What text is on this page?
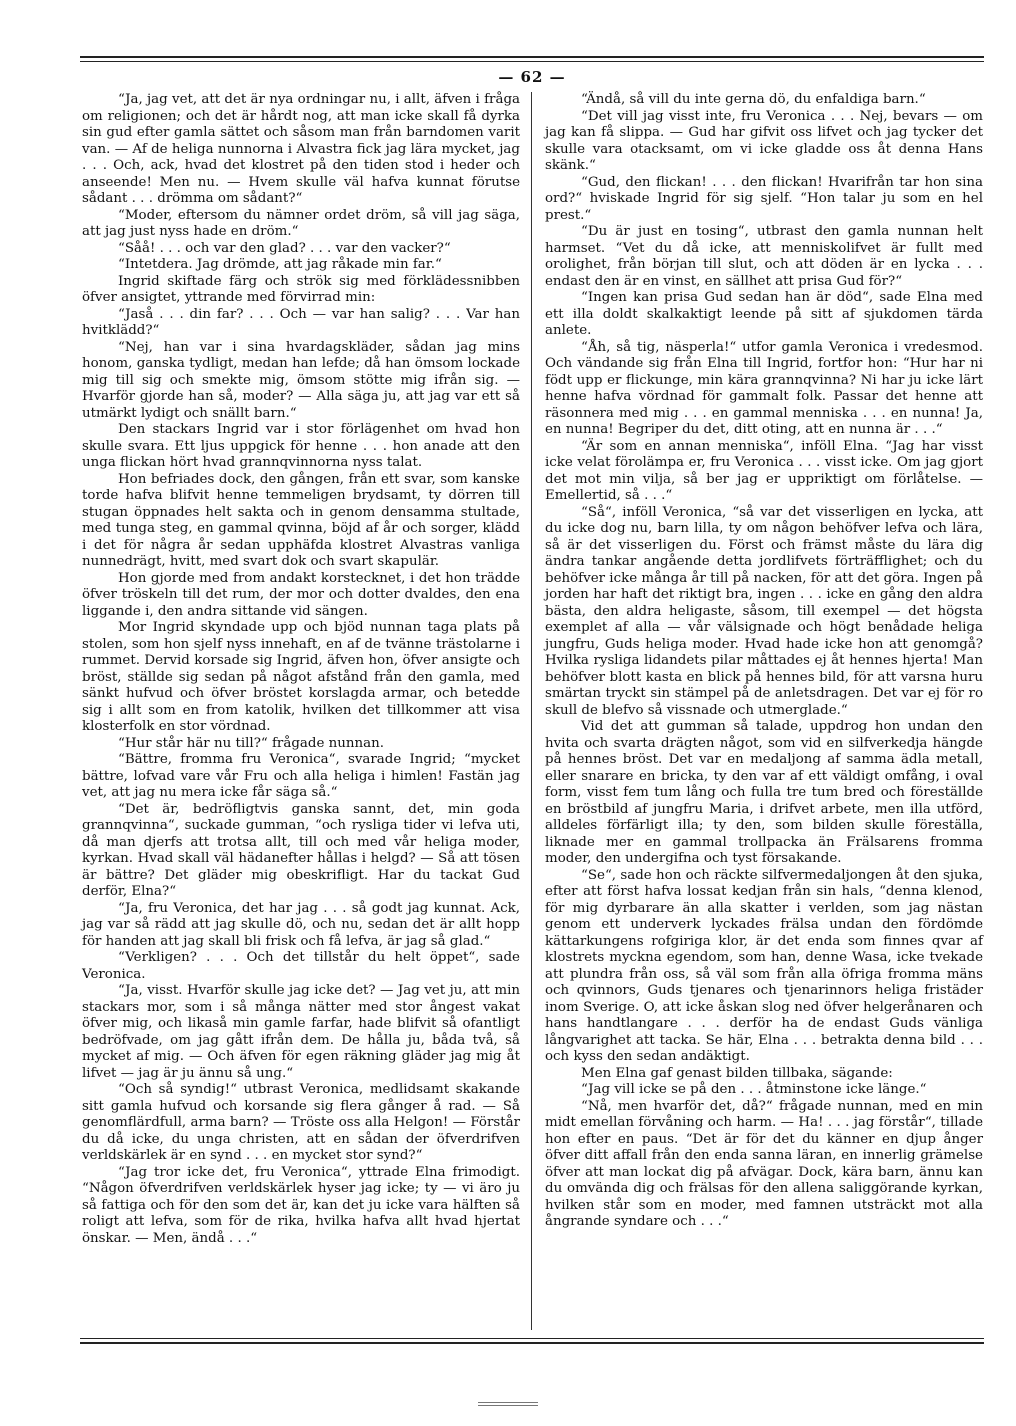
— 62 —

“Ja, jag vet, att det är nya ordningar nu, i allt, äfven i fråga om religionen; och det är hårdt nog, att man icke skall få dyrka sin gud efter gamla sättet och såsom man från barndomen varit van. — Af de heliga nunnorna i Alvastra fick jag lära mycket, jag . . . Och, ack, hvad det klostret på den tiden stod i heder och anseende! Men nu. — Hvem skulle väl hafva kunnat förutse sådant . . . drömma om sådant?“

“Moder, eftersom du nämner ordet dröm, så vill jag säga, att jag just nyss hade en dröm.“

“Såå! . . . och var den glad? . . . var den vacker?“

“Intetdera. Jag drömde, att jag råkade min far.“

Ingrid skiftade färg och strök sig med förklädessnibben öfver ansigtet, yttrande med förvirrad min:

“Jaså . . . din far? . . . Och — var han salig? . . . Var han hvitklädd?“

“Nej, han var i sina hvardagskläder, sådan jag mins honom, ganska tydligt, medan han lefde; då han ömsom lockade mig till sig och smekte mig, ömsom stötte mig ifrån sig. — Hvarför gjorde han så, moder? — Alla säga ju, att jag var ett så utmärkt lydigt och snällt barn.“

Den stackars Ingrid var i stor förlägenhet om hvad hon skulle svara. Ett ljus uppgick för henne . . . hon anade att den unga flickan hört hvad grannqvinnorna nyss talat.

Hon befriades dock, den gången, från ett svar, som kanske torde hafva blifvit henne temmeligen brydsamt, ty dörren till stugan öppnades helt sakta och in genom densamma stultade, med tunga steg, en gammal qvinna, böjd af år och sorger, klädd i det för några år sedan upphäfda klostret Alvastras vanliga nunnedrägt, hvitt, med svart dok och svart skapulär.

Hon gjorde med from andakt korstecknet, i det hon trädde öfver tröskeln till det rum, der mor och dotter dvaldes, den ena liggande i, den andra sittande vid sängen.

Mor Ingrid skyndade upp och bjöd nunnan taga plats på stolen, som hon sjelf nyss innehaft, en af de tvänne trästolarne i rummet. Dervid korsade sig Ingrid, äfven hon, öfver ansigte och bröst, ställde sig sedan på något afstånd från den gamla, med sänkt hufvud och öfver bröstet korslagda armar, och betedde sig i allt som en from katolik, hvilken det tillkommer att visa klosterfolk en stor vördnad.

“Hur står här nu till?“ frågade nunnan.

“Bättre, fromma fru Veronica“, svarade Ingrid; “mycket bättre, lofvad vare vår Fru och alla heliga i himlen! Fastän jag vet, att jag nu mera icke får säga så.“

“Det är, bedröfligtvis ganska sannt, det, min goda grannqvinna“, suckade gumman, “och rysliga tider vi lefva uti, då man djerfs att trotsa allt, till och med vår heliga moder, kyrkan. Hvad skall väl hädanefter hållas i helgd? — Så att tösen är bättre? Det gläder mig obeskrifligt. Har du tackat Gud derför, Elna?“

“Ja, fru Veronica, det har jag . . . så godt jag kunnat. Ack, jag var så rädd att jag skulle dö, och nu, sedan det är allt hopp för handen att jag skall bli frisk och få lefva, är jag så glad.“

“Verkligen? . . . Och det tillstår du helt öppet“, sade Veronica.

“Ja, visst. Hvarför skulle jag icke det? — Jag vet ju, att min stackars mor, som i så många nätter med stor ångest vakat öfver mig, och likaså min gamle farfar, hade blifvit så ofantligt bedröfvade, om jag gått ifrån dem. De hålla ju, båda två, så mycket af mig. — Och äfven för egen räkning gläder jag mig åt lifvet — jag är ju ännu så ung.“

“Och så syndig!“ utbrast Veronica, medlidsamt skakande sitt gamla hufvud och korsande sig flera gånger å rad. — Så genomflärdfull, arma barn? — Tröste oss alla Helgon! — Förstår du då icke, du unga christen, att en sådan der öfverdrifven verldskärlek är en synd . . . en mycket stor synd?“

“Jag tror icke det, fru Veronica“, yttrade Elna frimodigt. “Någon öfverdrifven verldskärlek hyser jag icke; ty — vi äro ju så fattiga och för den som det är, kan det ju icke vara hälften så roligt att lefva, som för de rika, hvilka hafva allt hvad hjertat önskar. — Men, ändå . . .“

“Ändå, så vill du inte gerna dö, du enfaldiga barn.“

“Det vill jag visst inte, fru Veronica . . . Nej, bevars — om jag kan få slippa. — Gud har gifvit oss lifvet och jag tycker det skulle vara otacksamt, om vi icke gladde oss åt denna Hans skänk.“

“Gud, den flickan! . . . den flickan! Hvarifrån tar hon sina ord?“ hviskade Ingrid för sig sjelf. “Hon talar ju som en hel prest.“

“Du är just en tosing“, utbrast den gamla nunnan helt harmset. “Vet du då icke, att menniskolifvet är fullt med orolighet, från början till slut, och att döden är en lycka . . . endast den är en vinst, en sällhet att prisa Gud för?“

“Ingen kan prisa Gud sedan han är död“, sade Elna med ett illa doldt skalkaktigt leende på sitt af sjukdomen tärda anlete.

“Åh, så tig, näsperla!“ utfor gamla Veronica i vredesmod. Och vändande sig från Elna till Ingrid, fortfor hon: “Hur har ni födt upp er flickunge, min kära grannqvinna? Ni har ju icke lärt henne hafva vördnad för gammalt folk. Passar det henne att räsonnera med mig . . . en gammal menniska . . . en nunna! Ja, en nunna! Begriper du det, ditt oting, att en nunna är . . .“

“Är som en annan menniska“, inföll Elna. “Jag har visst icke velat förolämpa er, fru Veronica . . . visst icke. Om jag gjort det mot min vilja, så ber jag er uppriktigt om förlåtelse. — Emellertid, så . . .“

“Så“, inföll Veronica, “så var det visserligen en lycka, att du icke dog nu, barn lilla, ty om någon behöfver lefva och lära, så är det visserligen du. Först och främst måste du lära dig ändra tankar angående detta jordlifvets förträfflighet; och du behöfver icke många år till på nacken, för att det göra. Ingen på jorden har haft det riktigt bra, ingen . . . icke en gång den aldra bästa, den aldra heligaste, såsom, till exempel — det högsta exemplet af alla — vår välsignade och högt benådade heliga jungfru, Guds heliga moder. Hvad hade icke hon att genomgå? Hvilka rysliga lidandets pilar måttades ej åt hennes hjerta! Man behöfver blott kasta en blick på hennes bild, för att varsna huru smärtan tryckt sin stämpel på de anletsdragen. Det var ej för ro skull de blefvo så vissnade och utmerglade.“

Vid det att gumman så talade, uppdrog hon undan den hvita och svarta drägten något, som vid en silfverkedja hängde på hennes bröst. Det var en medaljong af samma ädla metall, eller snarare en bricka, ty den var af ett väldigt omfång, i oval form, visst fem tum lång och fulla tre tum bred och föreställde en bröstbild af jungfru Maria, i drifvet arbete, men illa utförd, alldeles förfärligt illa; ty den, som bilden skulle föreställa, liknade mer en gammal trollpacka än Frälsarens fromma moder, den undergifna och tyst försakande.

“Se“, sade hon och räckte silfvermedaljongen åt den sjuka, efter att först hafva lossat kedjan från sin hals, “denna klenod, för mig dyrbarare än alla skatter i verlden, som jag nästan genom ett underverk lyckades frälsa undan den fördömde kättarkungens rofgiriga klor, är det enda som finnes qvar af klostrets myckna egendom, som han, denne Wasa, icke tvekade att plundra från oss, så väl som från alla öfriga fromma mäns och qvinnors, Guds tjenares och tjenarinnors heliga fristäder inom Sverige. O, att icke åskan slog ned öfver helgerånaren och hans handtlangare . . . derför ha de endast Guds vänliga långvarighet att tacka. Se här, Elna . . . betrakta denna bild . . . och kyss den sedan andäktigt.

Men Elna gaf genast bilden tillbaka, sägande:

“Jag vill icke se på den . . . åtminstone icke länge.“

“Nå, men hvarför det, då?“ frågade nunnan, med en min midt emellan förvåning och harm. — Ha! . . . jag förstår“, tillade hon efter en paus. “Det är för det du känner en djup ånger öfver ditt affall från den enda sanna läran, en innerlig grämelse öfver att man lockat dig på afvägar. Dock, kära barn, ännu kan du omvända dig och frälsas för den allena saliggörande kyrkan, hvilken står som en moder, med famnen utsträckt mot alla ångrande syndare och . . .“
